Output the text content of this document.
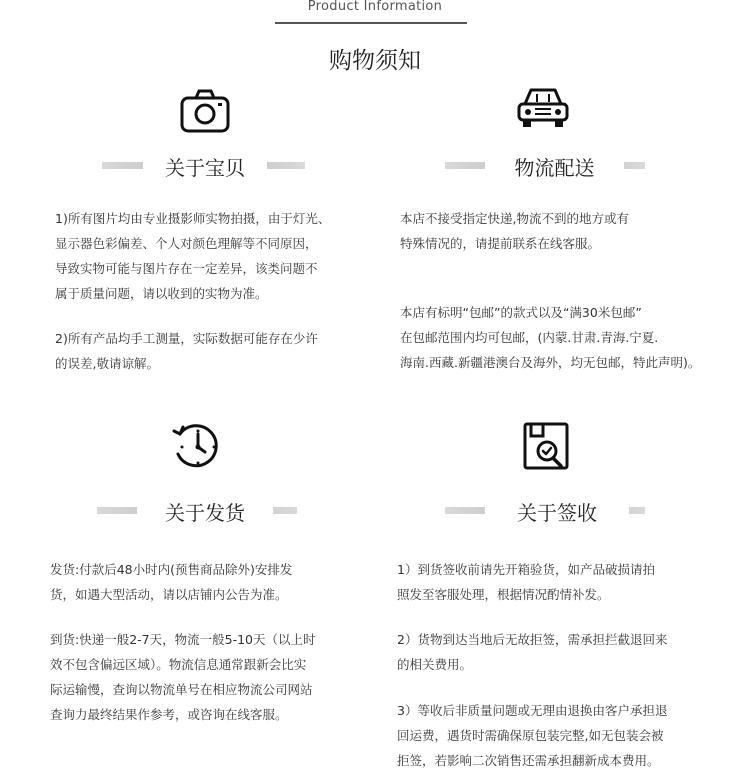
Product Information
购物须知
关于宝贝
1)所有图片均由专业摄影师实物拍摄，由于灯光、
显示器色彩偏差、个人对颜色理解等不同原因，
导致实物可能与图片存在一定差异，该类问题不
属于质量问题，请以收到的实物为准。
2)所有产品均手工测量，实际数据可能存在少许
的误差,敬请谅解。
物流配送
本店不接受指定快递,物流不到的地方或有
特殊情况的，请提前联系在线客服。
本店有标明“包邮”的款式以及“满30米包邮”
在包邮范围内均可包邮，(内蒙.甘肃.青海.宁夏.
海南.西藏.新疆港澳台及海外，均无包邮，特此声明)。
关于发货
发货:付款后48小时内(预售商品除外)安排发
货，如遇大型活动，请以店铺内公告为准。
到货:快递一般2-7天，物流一般5-10天（以上时
效不包含偏远区域）。物流信息通常跟新会比实
际运输慢，查询以物流单号在相应物流公司网站
查询力最终结果作参考，或咨询在线客服。
关于签收
1）到货签收前请先开箱验货，如产品破损请拍
照发至客服处理，根据情况酌情补发。
2）货物到达当地后无故拒签，需承担拦截退回来
的相关费用。
3）等收后非质量问题或无理由退换由客户承担退
回运费，遇货时需确保原包装完整,如无包装会被
拒签，若影响二次销售还需承担翻新成本费用。
